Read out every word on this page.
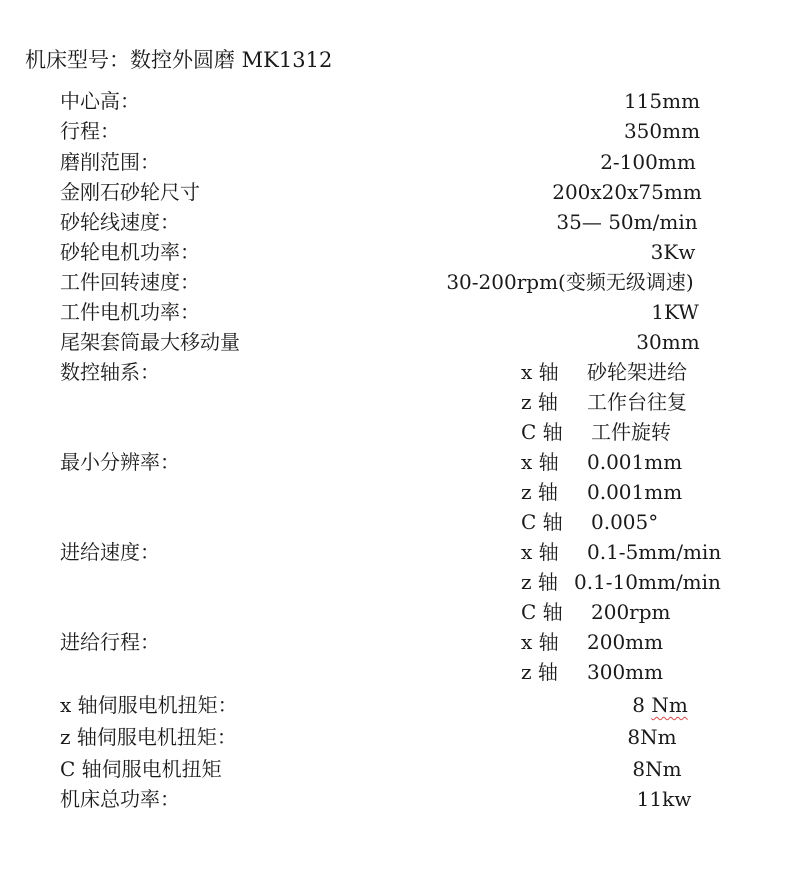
机床型号：数控外圆磨 MK1312
中心高：	115mm
行程：	350mm
磨削范围：	2-100mm
金刚石砂轮尺寸	200x20x75mm
砂轮线速度：	35— 50m/min
砂轮电机功率：	3Kw
工件回转速度：	30-200rpm(变频无级调速)
工件电机功率：	1KW
尾架套筒最大移动量	30mm
数控轴系：	x 轴 砂轮架进给
z 轴 工作台往复
C 轴 工件旋转
最小分辨率：	x 轴 0.001mm
z 轴 0.001mm
C 轴 0.005°
进给速度：	x 轴 0.1-5mm/min
z 轴 0.1-10mm/min
C 轴 200rpm
进给行程：	x 轴 200mm
z 轴 300mm
x 轴伺服电机扭矩：	8 Nm
z 轴伺服电机扭矩：	8Nm
C 轴伺服电机扭矩	8Nm
机床总功率：	11kw
